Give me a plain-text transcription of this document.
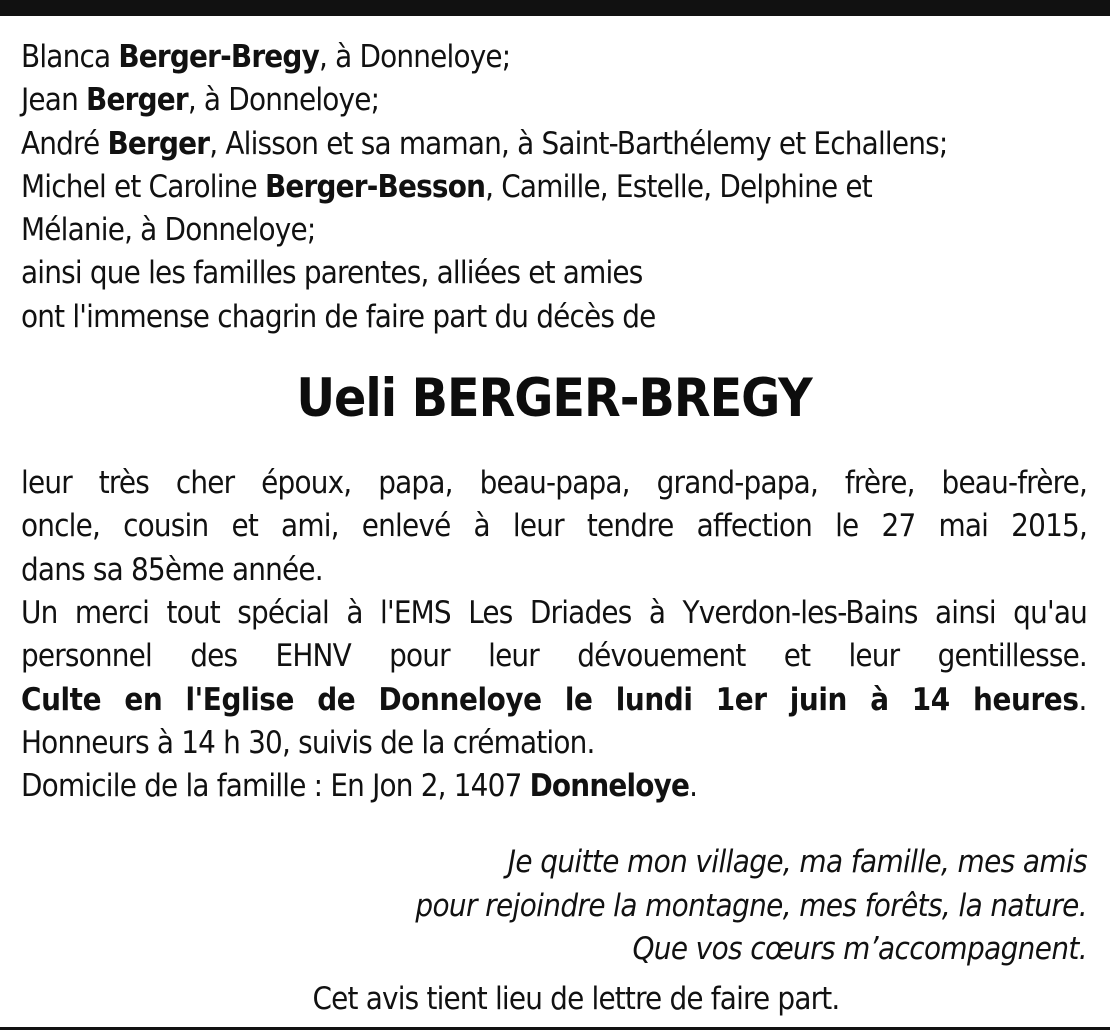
Blanca Berger-Bregy, à Donneloye;
Jean Berger, à Donneloye;
André Berger, Alisson et sa maman, à Saint-Barthélemy et Echallens;
Michel et Caroline Berger-Besson, Camille, Estelle, Delphine et
Mélanie, à Donneloye;
ainsi que les familles parentes, alliées et amies
ont l'immense chagrin de faire part du décès de
Ueli BERGER-BREGY
leur très cher époux, papa, beau-papa, grand-papa, frère, beau-frère,
oncle, cousin et ami, enlevé à leur tendre affection le 27 mai 2015,
dans sa 85ème année.
Un merci tout spécial à l'EMS Les Driades à Yverdon-les-Bains ainsi qu'au
personnel des EHNV pour leur dévouement et leur gentillesse.
Culte en l'Eglise de Donneloye le lundi 1er juin à 14 heures.
Honneurs à 14 h 30, suivis de la crémation.
Domicile de la famille : En Jon 2, 1407 Donneloye.
Je quitte mon village, ma famille, mes amis
pour rejoindre la montagne, mes forêts, la nature.
Que vos cœurs m’accompagnent.
Cet avis tient lieu de lettre de faire part.
